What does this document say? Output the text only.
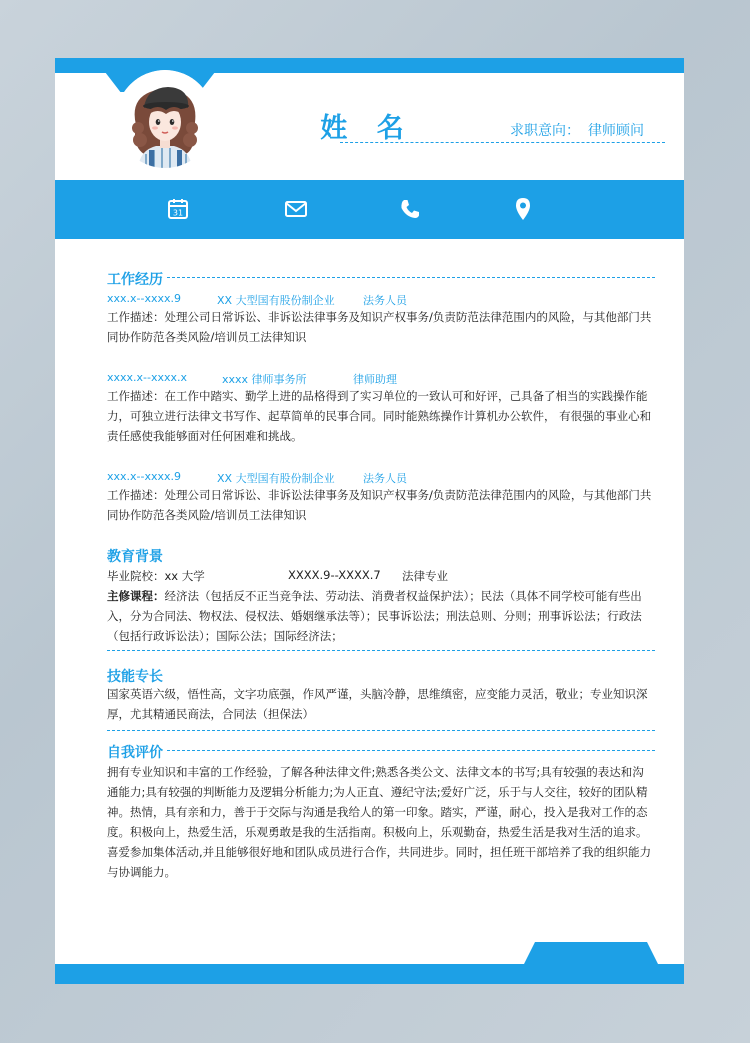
姓 名	求职意向： 律师顾问
31
工作经历
xxx.x--xxxx.9	XX 大型国有股份制企业	法务人员
工作描述：处理公司日常诉讼、非诉讼法律事务及知识产权事务/负责防范法律范围内的风险，与其他部门共同协作防范各类风险/培训员工法律知识
xxxx.x--xxxx.x	xxxx 律师事务所	律师助理
工作描述：在工作中踏实、勤学上进的品格得到了实习单位的一致认可和好评，己具备了相当的实践操作能力，可独立进行法律文书写作、起草简单的民事合同。同时能熟练操作计算机办公软件， 有很强的事业心和责任感使我能够面对任何困难和挑战。
xxx.x--xxxx.9	XX 大型国有股份制企业	法务人员
工作描述：处理公司日常诉讼、非诉讼法律事务及知识产权事务/负责防范法律范围内的风险，与其他部门共同协作防范各类风险/培训员工法律知识
教育背景
毕业院校：xx 大学	XXXX.9--XXXX.7 法律专业
主修课程：经济法（包括反不正当竞争法、劳动法、消费者权益保护法）；民法（具体不同学校可能有些出入，分为合同法、物权法、侵权法、婚姻继承法等）；民事诉讼法；刑法总则、分则；刑事诉讼法；行政法（包括行政诉讼法）；国际公法；国际经济法；
技能专长
国家英语六级，悟性高，文字功底强，作风严谨，头脑冷静，思维缜密，应变能力灵活，敬业；专业知识深厚，尤其精通民商法，合同法（担保法）
自我评价
拥有专业知识和丰富的工作经验，了解各种法律文件;熟悉各类公文、法律文本的书写;具有较强的表达和沟通能力;具有较强的判断能力及逻辑分析能力;为人正直、遵纪守法;爱好广泛，乐于与人交往，较好的团队精神。热情，具有亲和力，善于于交际与沟通是我给人的第一印象。踏实，严谨，耐心，投入是我对工作的态度。积极向上，热爱生活，乐观勇敢是我的生活指南。积极向上，乐观勤奋，热爱生活是我对生活的追求。喜爱参加集体活动,并且能够很好地和团队成员进行合作，共同进步。同时，担任班干部培养了我的组织能力与协调能力。
